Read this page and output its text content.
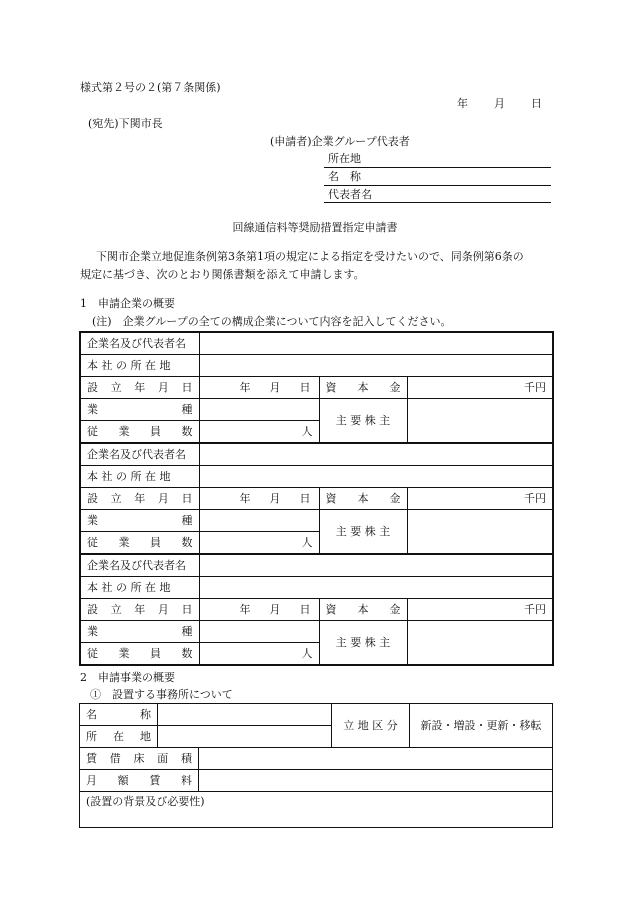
様式第２号の２(第７条関係)
年 月 日
(宛先)下関市長
(申請者)企業グループ代表者
所在地
名　称
代表者名
回線通信料等奨励措置指定申請書
下関市企業立地促進条例第3条第1項の規定による指定を受けたいので、同条例第6条の
規定に基づき、次のとおり関係書類を添えて申請します。
1　申請企業の概要
(注)　企業グループの全ての構成企業について内容を記入してください。
企業名及び代表者名			
本 社 の 所 在 地			

設 立 年 月 日	年 月 日	資 本 金	千円

業 種		主 要 株 主	

従 業 員 数	人		
企業名及び代表者名			
本 社 の 所 在 地			

設 立 年 月 日	年 月 日	資 本 金	千円

業 種		主 要 株 主	

従 業 員 数	人		
企業名及び代表者名			
本 社 の 所 在 地			

設 立 年 月 日	年 月 日	資 本 金	千円

業 種		主 要 株 主	

従 業 員 数	人		
2　申請事業の概要
①　設置する事務所について
名 称		立 地 区 分	新設・増設・更新・移転

所 在 地			

賃 借 床 面 積	

月 額 賃 料	

(設置の背景及び必要性)	
